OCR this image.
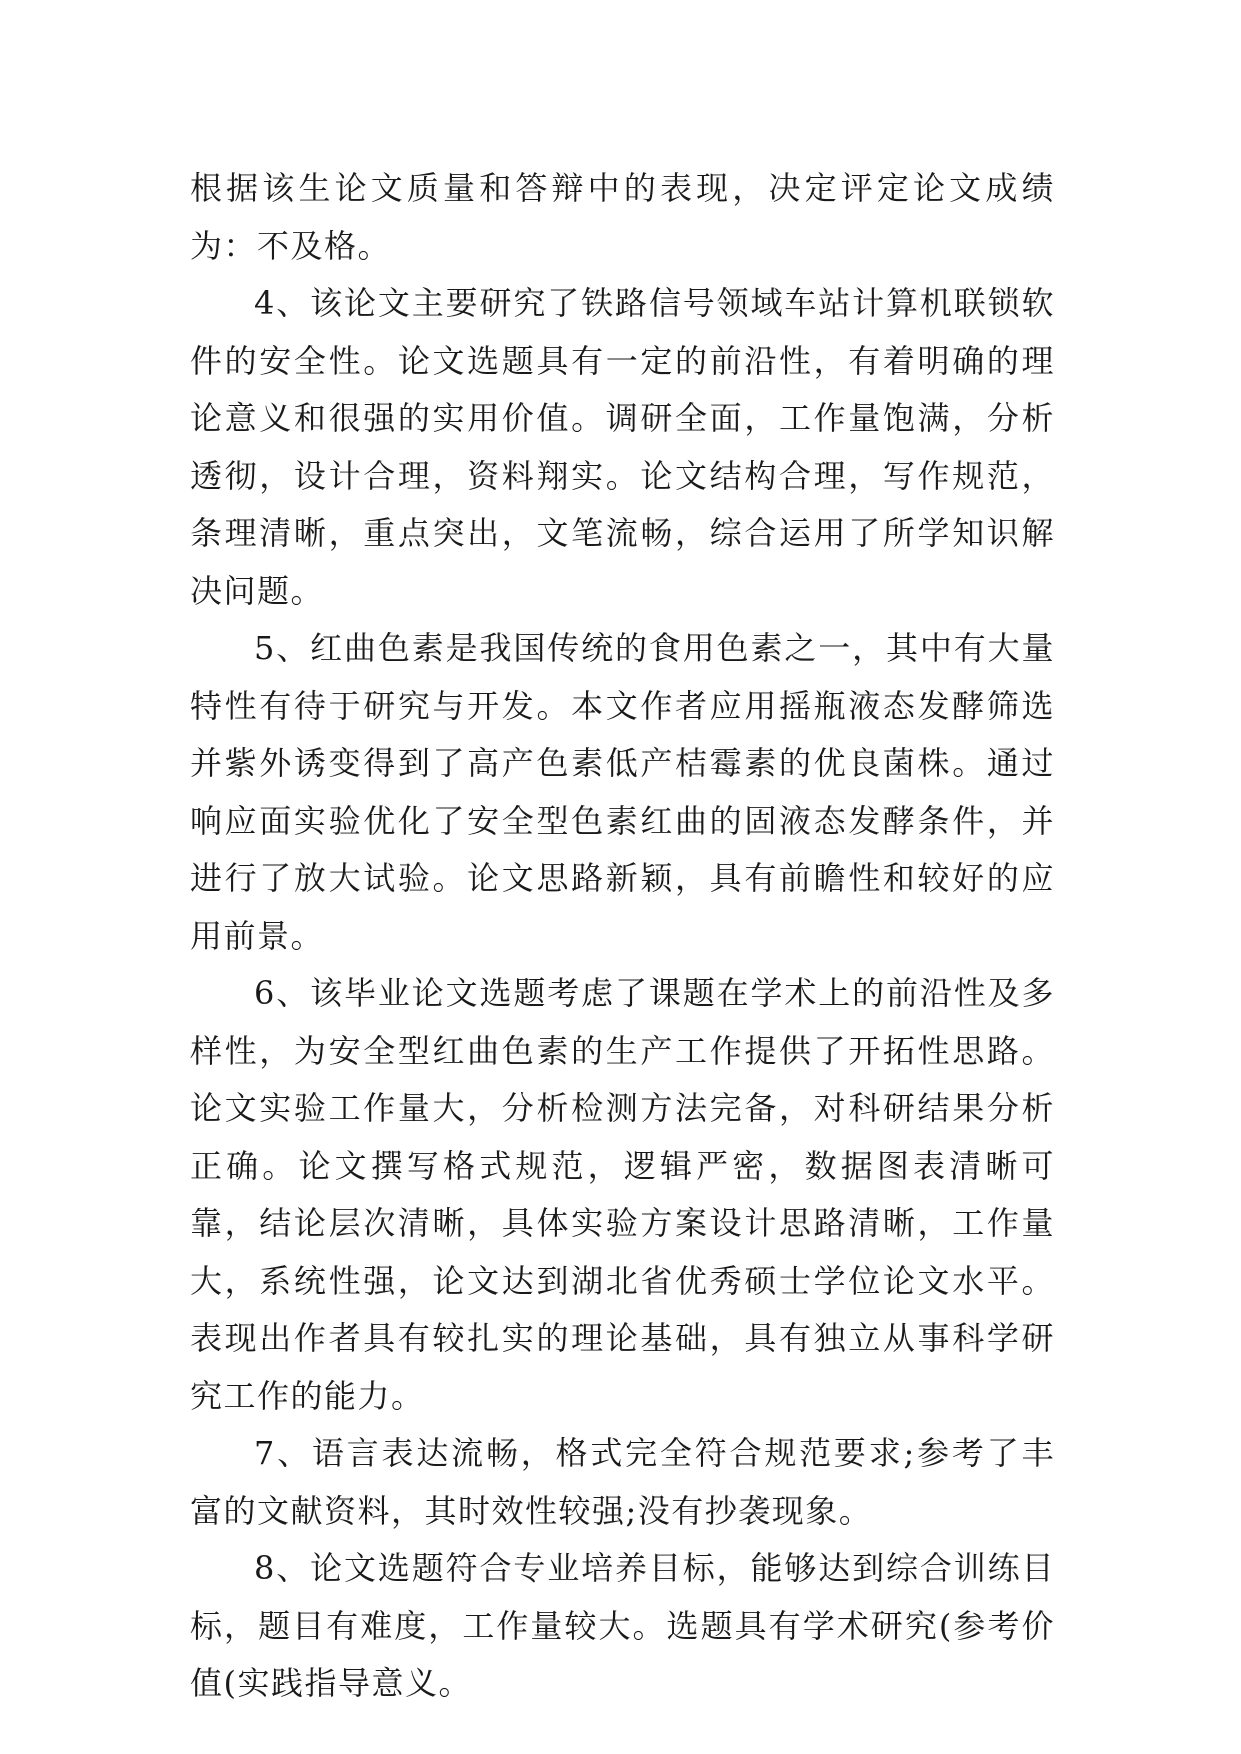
根据该生论文质量和答辩中的表现，决定评定论文成绩为：不及格。

4、该论文主要研究了铁路信号领域车站计算机联锁软件的安全性。论文选题具有一定的前沿性，有着明确的理论意义和很强的实用价值。调研全面，工作量饱满，分析透彻，设计合理，资料翔实。论文结构合理，写作规范，条理清晰，重点突出，文笔流畅，综合运用了所学知识解决问题。

5、红曲色素是我国传统的食用色素之一，其中有大量特性有待于研究与开发。本文作者应用摇瓶液态发酵筛选并紫外诱变得到了高产色素低产桔霉素的优良菌株。通过响应面实验优化了安全型色素红曲的固液态发酵条件，并进行了放大试验。论文思路新颖，具有前瞻性和较好的应用前景。

6、该毕业论文选题考虑了课题在学术上的前沿性及多样性，为安全型红曲色素的生产工作提供了开拓性思路。论文实验工作量大，分析检测方法完备，对科研结果分析正确。论文撰写格式规范，逻辑严密，数据图表清晰可靠，结论层次清晰，具体实验方案设计思路清晰，工作量大，系统性强，论文达到湖北省优秀硕士学位论文水平。表现出作者具有较扎实的理论基础，具有独立从事科学研究工作的能力。

7、语言表达流畅，格式完全符合规范要求;参考了丰富的文献资料，其时效性较强;没有抄袭现象。

8、论文选题符合专业培养目标，能够达到综合训练目标，题目有难度，工作量较大。选题具有学术研究(参考价值(实践指导意义。
